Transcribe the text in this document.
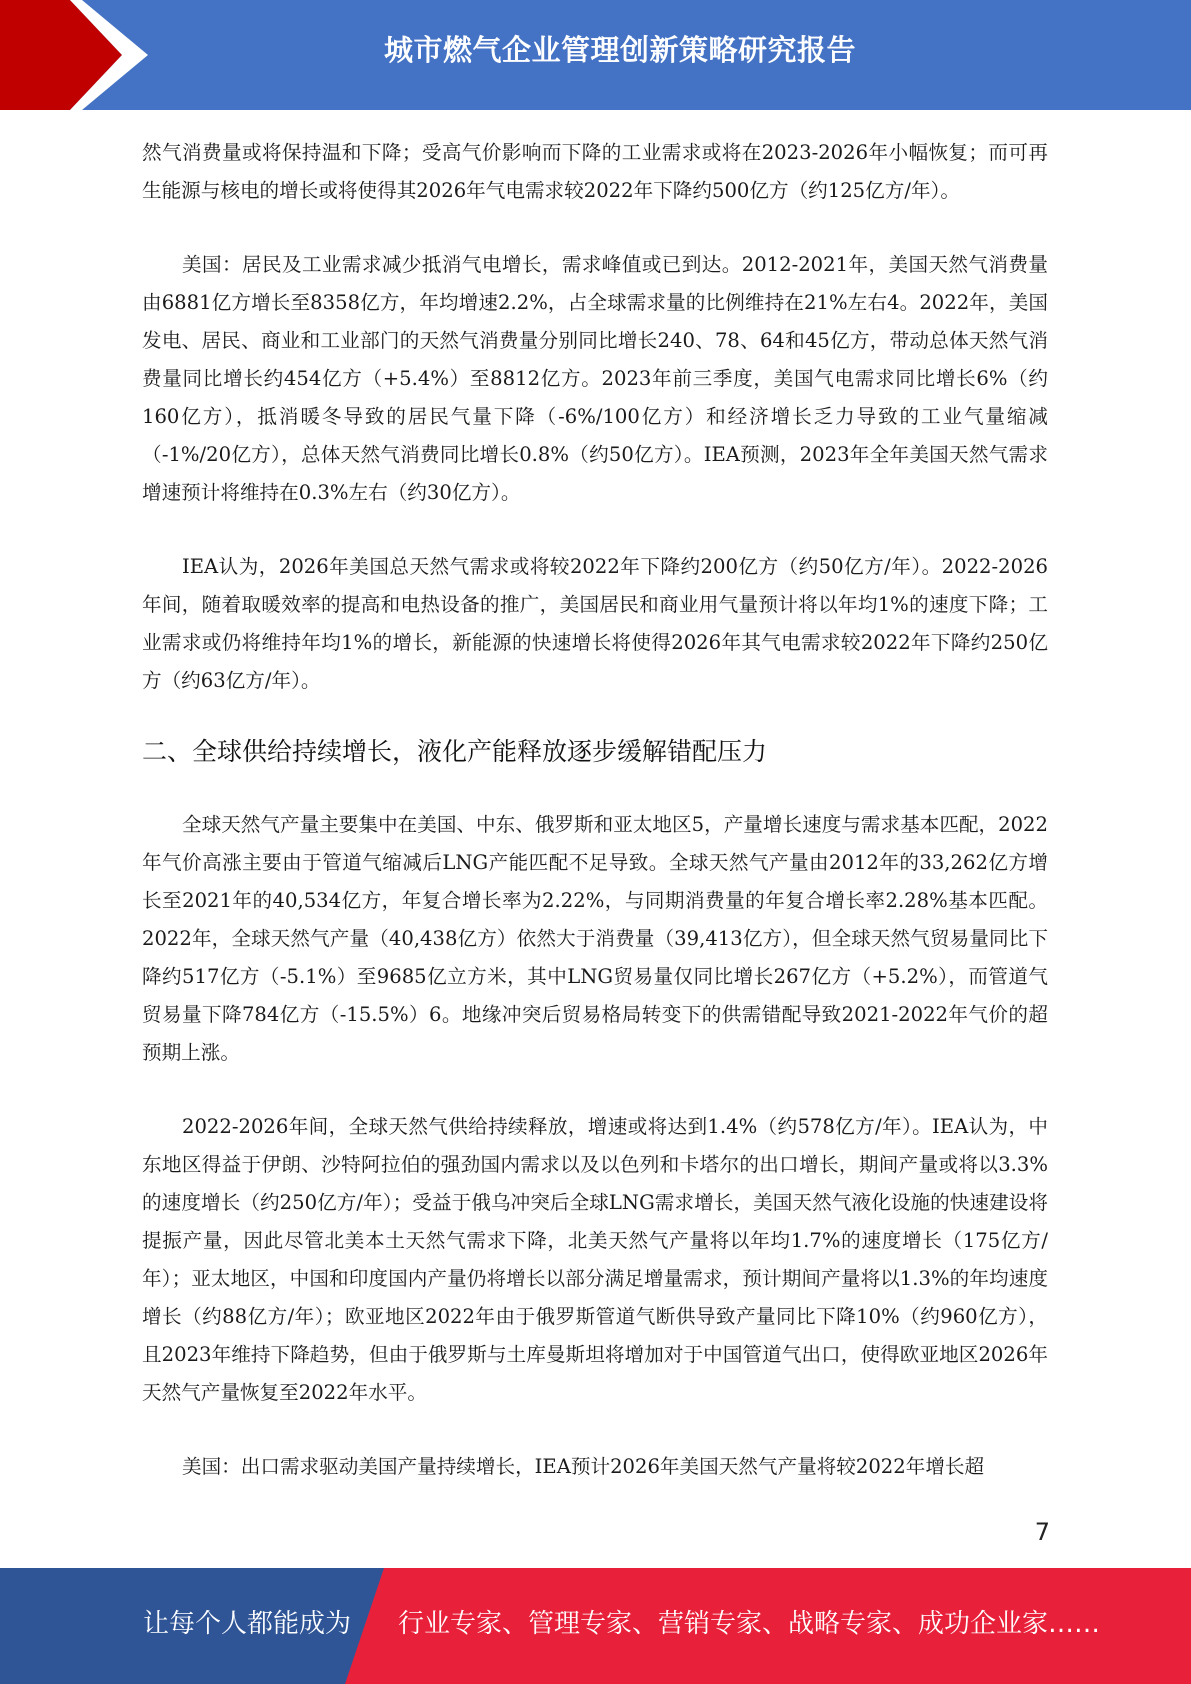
城市燃气企业管理创新策略研究报告

然气消费量或将保持温和下降；受高气价影响而下降的工业需求或将在2023-2026年小幅恢复；而可再生能源与核电的增长或将使得其2026年气电需求较2022年下降约500亿方（约125亿方/年）。

美国：居民及工业需求减少抵消气电增长，需求峰值或已到达。2012-2021年，美国天然气消费量由6881亿方增长至8358亿方，年均增速2.2%，占全球需求量的比例维持在21%左右4。2022年，美国发电、居民、商业和工业部门的天然气消费量分别同比增长240、78、64和45亿方，带动总体天然气消费量同比增长约454亿方（+5.4%）至8812亿方。2023年前三季度，美国气电需求同比增长6%（约160亿方），抵消暖冬导致的居民气量下降（-6%/100亿方）和经济增长乏力导致的工业气量缩减（-1%/20亿方），总体天然气消费同比增长0.8%（约50亿方）。IEA预测，2023年全年美国天然气需求增速预计将维持在0.3%左右（约30亿方）。

IEA认为，2026年美国总天然气需求或将较2022年下降约200亿方（约50亿方/年）。2022-2026年间，随着取暖效率的提高和电热设备的推广，美国居民和商业用气量预计将以年均1%的速度下降；工业需求或仍将维持年均1%的增长，新能源的快速增长将使得2026年其气电需求较2022年下降约250亿方（约63亿方/年）。

二、全球供给持续增长，液化产能释放逐步缓解错配压力

全球天然气产量主要集中在美国、中东、俄罗斯和亚太地区5，产量增长速度与需求基本匹配，2022年气价高涨主要由于管道气缩减后LNG产能匹配不足导致。全球天然气产量由2012年的33,262亿方增长至2021年的40,534亿方，年复合增长率为2.22%，与同期消费量的年复合增长率2.28%基本匹配。2022年，全球天然气产量（40,438亿方）依然大于消费量（39,413亿方），但全球天然气贸易量同比下降约517亿方（-5.1%）至9685亿立方米，其中LNG贸易量仅同比增长267亿方（+5.2%），而管道气贸易量下降784亿方（-15.5%）6。地缘冲突后贸易格局转变下的供需错配导致2021-2022年气价的超预期上涨。

2022-2026年间，全球天然气供给持续释放，增速或将达到1.4%（约578亿方/年）。IEA认为，中东地区得益于伊朗、沙特阿拉伯的强劲国内需求以及以色列和卡塔尔的出口增长，期间产量或将以3.3%的速度增长（约250亿方/年）；受益于俄乌冲突后全球LNG需求增长，美国天然气液化设施的快速建设将提振产量，因此尽管北美本土天然气需求下降，北美天然气产量将以年均1.7%的速度增长（175亿方/年）；亚太地区，中国和印度国内产量仍将增长以部分满足增量需求，预计期间产量将以1.3%的年均速度增长（约88亿方/年）；欧亚地区2022年由于俄罗斯管道气断供导致产量同比下降10%（约960亿方），且2023年维持下降趋势，但由于俄罗斯与土库曼斯坦将增加对于中国管道气出口，使得欧亚地区2026年天然气产量恢复至2022年水平。

美国：出口需求驱动美国产量持续增长，IEA预计2026年美国天然气产量将较2022年增长超

7
让每个人都能成为 行业专家、管理专家、营销专家、战略专家、成功企业家……
